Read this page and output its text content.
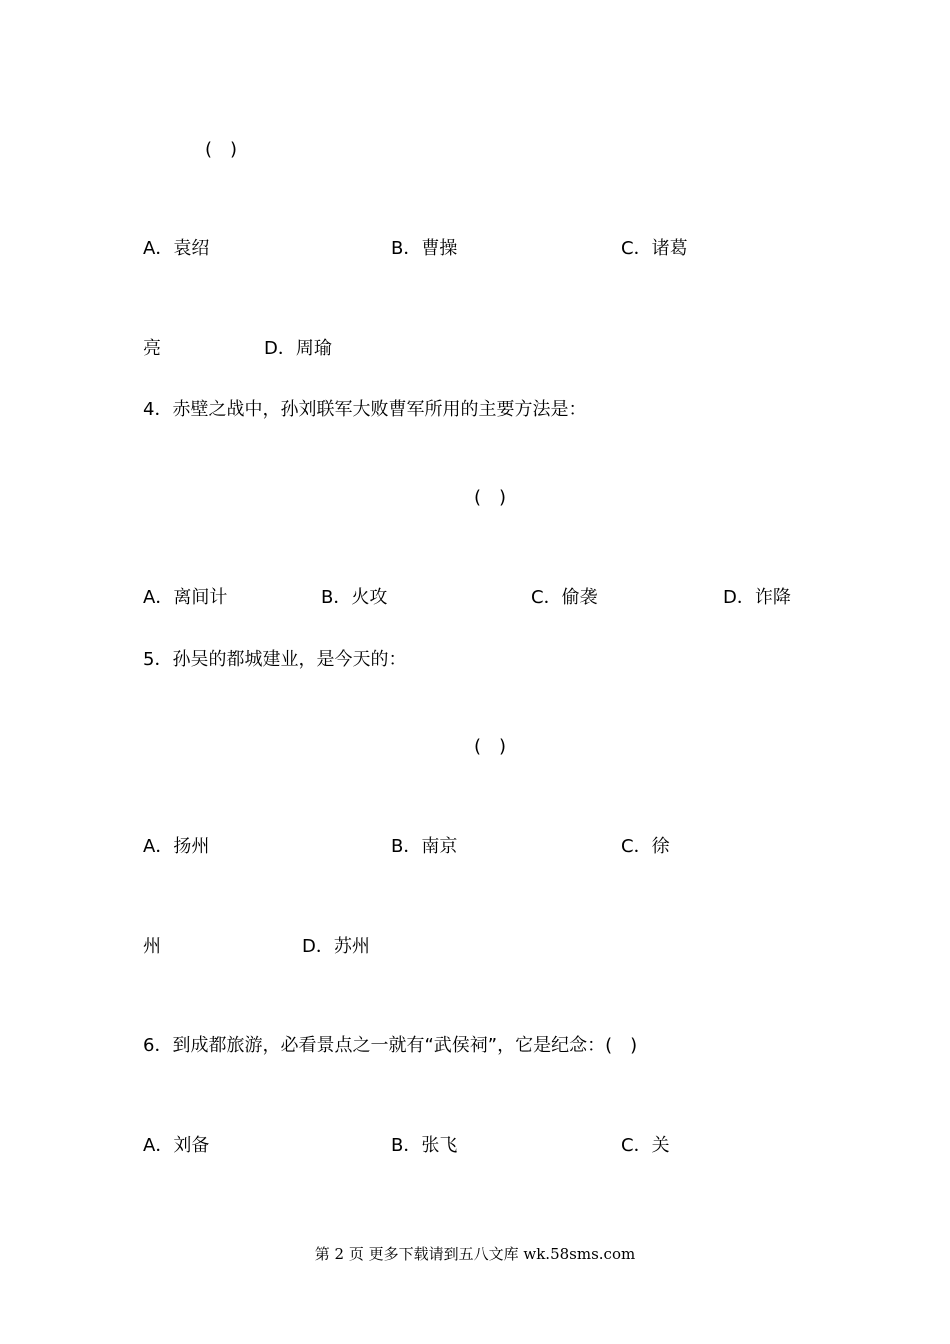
(　)
A．袁绍	B．曹操	C．诸葛
亮	D．周瑜
4．赤壁之战中，孙刘联军大败曹军所用的主要方法是：
(　)
A．离间计	B．火攻	C．偷袭	D．诈降
5．孙吴的都城建业，是今天的：
(　)
A．扬州	B．南京	C．徐
州	D．苏州
6．到成都旅游，必看景点之一就有“武侯祠”，它是纪念：(　)
A．刘备	B．张飞	C．关
第 2 页 更多下载请到五八文库 wk.58sms.com
